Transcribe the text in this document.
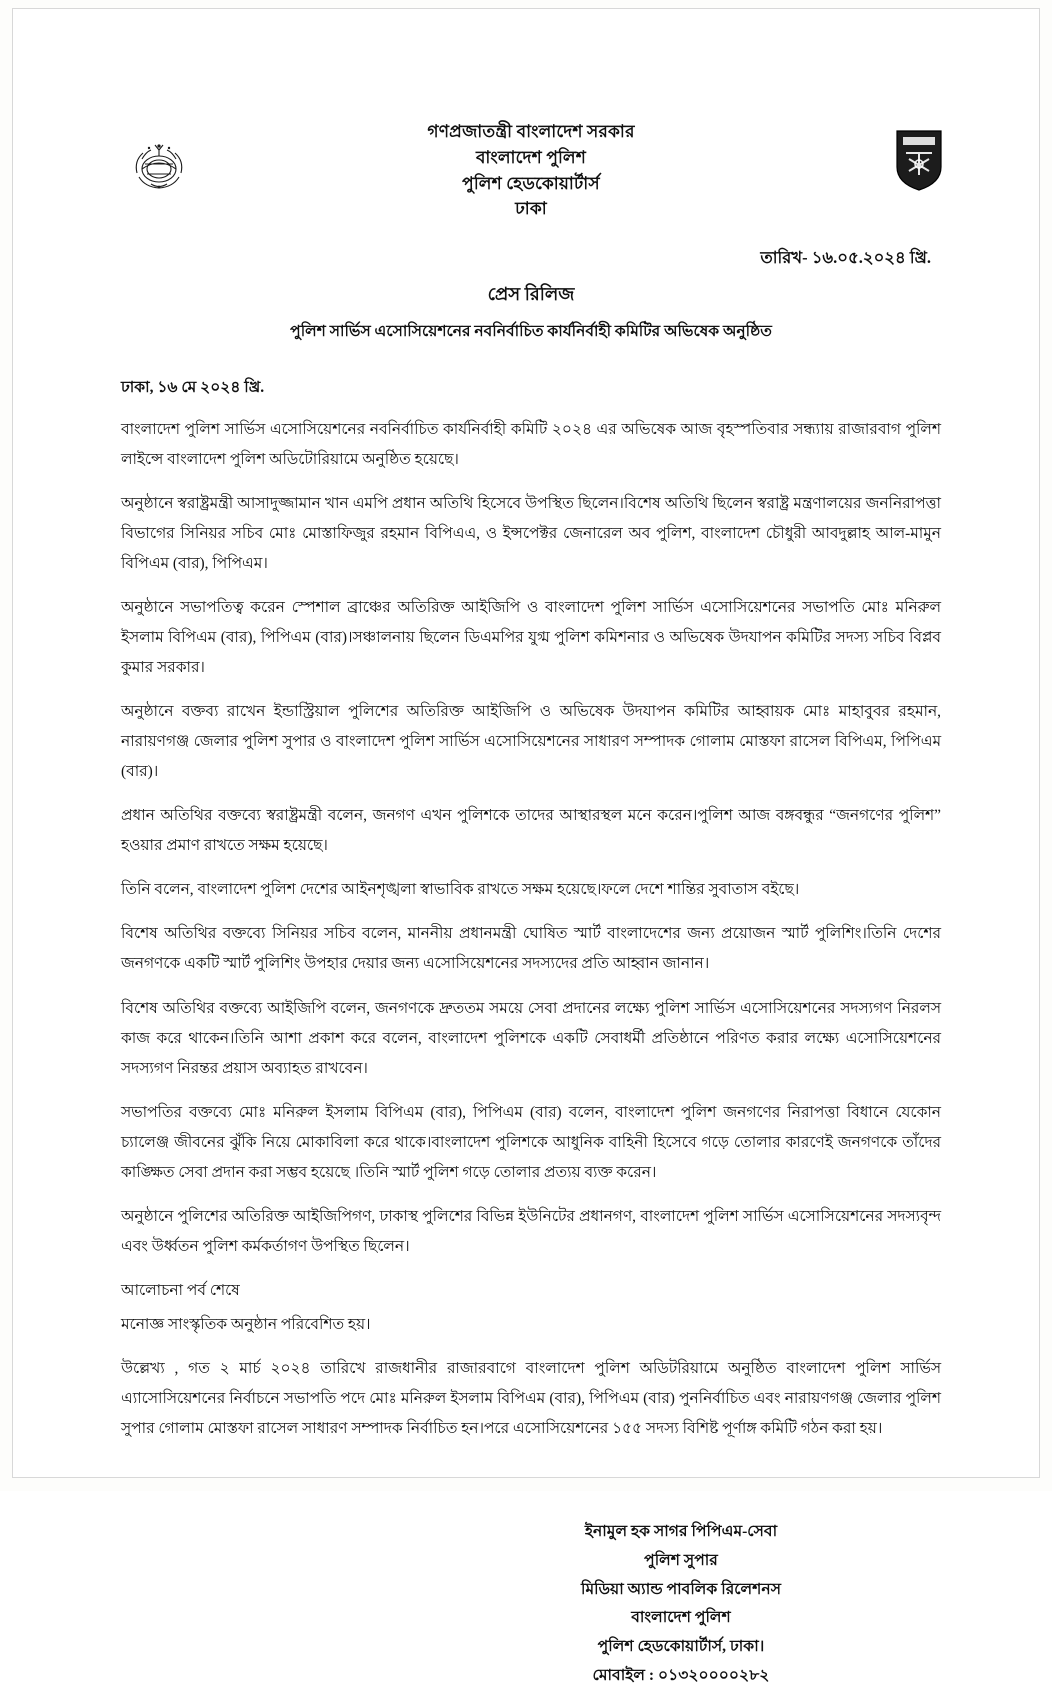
গণপ্রজাতন্ত্রী বাংলাদেশ সরকার
বাংলাদেশ পুলিশ
পুলিশ হেডকোয়ার্টার্স
ঢাকা
তারিখ- ১৬.০৫.২০২৪ খ্রি.
প্রেস রিলিজ
পুলিশ সার্ভিস এসোসিয়েশনের নবনির্বাচিত কার্যনির্বাহী কমিটির অভিষেক অনুষ্ঠিত
ঢাকা, ১৬ মে ২০২৪ খ্রি.

বাংলাদেশ পুলিশ সার্ভিস এসোসিয়েশনের নবনির্বাচিত কার্যনির্বাহী কমিটি ২০২৪ এর অভিষেক আজ বৃহস্পতিবার সন্ধ্যায় রাজারবাগ পুলিশ লাইন্সে বাংলাদেশ পুলিশ অডিটোরিয়ামে অনুষ্ঠিত হয়েছে।

অনুষ্ঠানে স্বরাষ্ট্রমন্ত্রী আসাদুজ্জামান খান এমপি প্রধান অতিথি হিসেবে উপস্থিত ছিলেন।বিশেষ অতিথি ছিলেন স্বরাষ্ট্র মন্ত্রণালয়ের জননিরাপত্তা বিভাগের সিনিয়র সচিব মোঃ মোস্তাফিজুর রহমান বিপিএএ, ও ইন্সপেক্টর জেনারেল অব পুলিশ, বাংলাদেশ চৌধুরী আবদুল্লাহ আল-মামুন বিপিএম (বার), পিপিএম।

অনুষ্ঠানে সভাপতিত্ব করেন স্পেশাল ব্রাঞ্চের অতিরিক্ত আইজিপি ও বাংলাদেশ পুলিশ সার্ভিস এসোসিয়েশনের সভাপতি মোঃ মনিরুল ইসলাম বিপিএম (বার), পিপিএম (বার)।সঞ্চালনায় ছিলেন ডিএমপির যুগ্ম পুলিশ কমিশনার ও অভিষেক উদযাপন কমিটির সদস্য সচিব বিপ্লব কুমার সরকার।

অনুষ্ঠানে বক্তব্য রাখেন ইন্ডাস্ট্রিয়াল পুলিশের অতিরিক্ত আইজিপি ও অভিষেক উদযাপন কমিটির আহ্বায়ক মোঃ মাহাবুবর রহমান, নারায়ণগঞ্জ জেলার পুলিশ সুপার ও বাংলাদেশ পুলিশ সার্ভিস এসোসিয়েশনের সাধারণ সম্পাদক গোলাম মোস্তফা রাসেল বিপিএম, পিপিএম (বার)।

প্রধান অতিথির বক্তব্যে স্বরাষ্ট্রমন্ত্রী বলেন, জনগণ এখন পুলিশকে তাদের আস্থারস্থল মনে করেন।পুলিশ আজ বঙ্গবন্ধুর “জনগণের পুলিশ” হওয়ার প্রমাণ রাখতে সক্ষম হয়েছে।

তিনি বলেন, বাংলাদেশ পুলিশ দেশের আইনশৃঙ্খলা স্বাভাবিক রাখতে সক্ষম হয়েছে।ফলে দেশে শান্তির সুবাতাস বইছে।

বিশেষ অতিথির বক্তব্যে সিনিয়র সচিব বলেন, মাননীয় প্রধানমন্ত্রী ঘোষিত স্মার্ট বাংলাদেশের জন্য প্রয়োজন স্মার্ট পুলিশিং।তিনি দেশের জনগণকে একটি স্মার্ট পুলিশিং উপহার দেয়ার জন্য এসোসিয়েশনের সদস্যদের প্রতি আহ্বান জানান।

বিশেষ অতিথির বক্তব্যে আইজিপি বলেন, জনগণকে দ্রুততম সময়ে সেবা প্রদানের লক্ষ্যে পুলিশ সার্ভিস এসোসিয়েশনের সদস্যগণ নিরলস কাজ করে থাকেন।তিনি আশা প্রকাশ করে বলেন, বাংলাদেশ পুলিশকে একটি সেবাধর্মী প্রতিষ্ঠানে পরিণত করার লক্ষ্যে এসোসিয়েশনের সদস্যগণ নিরন্তর প্রয়াস অব্যাহত রাখবেন।

সভাপতির বক্তব্যে মোঃ মনিরুল ইসলাম বিপিএম (বার), পিপিএম (বার) বলেন, বাংলাদেশ পুলিশ জনগণের নিরাপত্তা বিধানে যেকোন চ্যালেঞ্জ জীবনের ঝুঁকি নিয়ে মোকাবিলা করে থাকে।বাংলাদেশ পুলিশকে আধুনিক বাহিনী হিসেবে গড়ে তোলার কারণেই জনগণকে তাঁদের কাঙ্ক্ষিত সেবা প্রদান করা সম্ভব হয়েছে ।তিনি স্মার্ট পুলিশ গড়ে তোলার প্রত্যয় ব্যক্ত করেন।

অনুষ্ঠানে পুলিশের অতিরিক্ত আইজিপিগণ, ঢাকাস্থ পুলিশের বিভিন্ন ইউনিটের প্রধানগণ, বাংলাদেশ পুলিশ সার্ভিস এসোসিয়েশনের সদস্যবৃন্দ এবং উর্ধ্বতন পুলিশ কর্মকর্তাগণ উপস্থিত ছিলেন।

আলোচনা পর্ব শেষে

মনোজ্ঞ সাংস্কৃতিক অনুষ্ঠান পরিবেশিত হয়।

উল্লেখ্য , গত ২ মার্চ ২০২৪ তারিখে রাজধানীর রাজারবাগে বাংলাদেশ পুলিশ অডিটরিয়ামে অনুষ্ঠিত বাংলাদেশ পুলিশ সার্ভিস এ্যাসোসিয়েশনের নির্বাচনে সভাপতি পদে মোঃ মনিরুল ইসলাম বিপিএম (বার), পিপিএম (বার) পুননির্বাচিত এবং নারায়ণগঞ্জ জেলার পুলিশ সুপার গোলাম মোস্তফা রাসেল সাধারণ সম্পাদক নির্বাচিত হন।পরে এসোসিয়েশনের ১৫৫ সদস্য বিশিষ্ট পূর্ণাঙ্গ কমিটি গঠন করা হয়।

ইনামুল হক সাগর পিপিএম-সেবা
পুলিশ সুপার
মিডিয়া অ্যান্ড পাবলিক রিলেশনস
বাংলাদেশ পুলিশ
পুলিশ হেডকোয়ার্টার্স, ঢাকা।
মোবাইল : ০১৩২০০০০২৮২
